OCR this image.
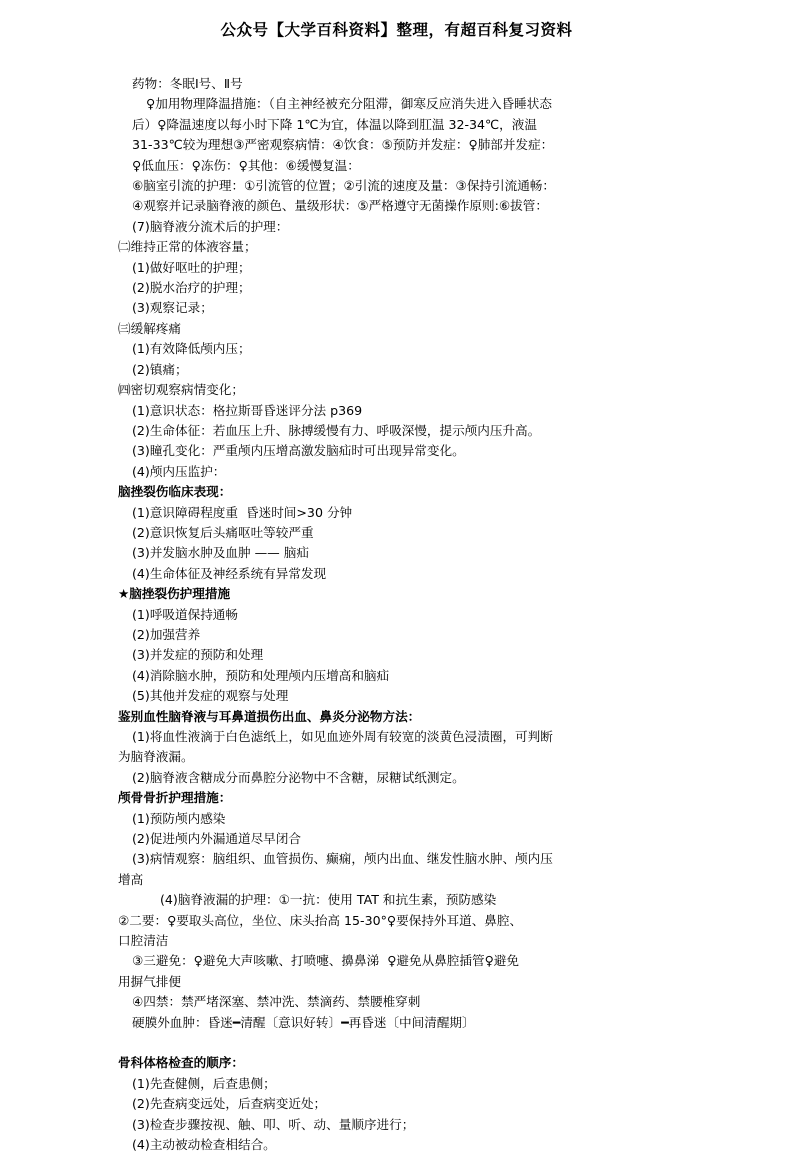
公众号【大学百科资料】整理，有超百科复习资料
药物：冬眠Ⅰ号、Ⅱ号
♀加用物理降温措施：（自主神经被充分阻滞，御寒反应消失进入昏睡状态
后）♀降温速度以每小时下降 1℃为宜，体温以降到肛温 32-34℃，液温
31-33℃较为理想③严密观察病情：④饮食：⑤预防并发症：♀肺部并发症：
♀低血压：♀冻伤：♀其他：⑥缓慢复温：
⑥脑室引流的护理：①引流管的位置；②引流的速度及量：③保持引流通畅：
④观察并记录脑脊液的颜色、量级形状：⑤严格遵守无菌操作原则:⑥拔管：
(7)脑脊液分流术后的护理：
㈡维持正常的体液容量；
(1)做好呕吐的护理；
(2)脱水治疗的护理；
(3)观察记录；
㈢缓解疼痛
(1)有效降低颅内压；
(2)镇痛；
㈣密切观察病情变化；
(1)意识状态：格拉斯哥昏迷评分法 p369
(2)生命体征：若血压上升、脉搏缓慢有力、呼吸深慢，提示颅内压升高。
(3)瞳孔变化：严重颅内压增高激发脑疝时可出现异常变化。
(4)颅内压监护：
脑挫裂伤临床表现：
(1)意识障碍程度重  昏迷时间>30 分钟
(2)意识恢复后头痛呕吐等较严重
(3)并发脑水肿及血肿 —— 脑疝
(4)生命体征及神经系统有异常发现
★脑挫裂伤护理措施
(1)呼吸道保持通畅
(2)加强营养
(3)并发症的预防和处理
(4)消除脑水肿，预防和处理颅内压增高和脑疝
(5)其他并发症的观察与处理
鉴别血性脑脊液与耳鼻道损伤出血、鼻炎分泌物方法：
(1)将血性液滴于白色滤纸上，如见血迹外周有较宽的淡黄色浸渍圈，可判断
为脑脊液漏。
(2)脑脊液含糖成分而鼻腔分泌物中不含糖，尿糖试纸测定。
颅骨骨折护理措施：
(1)预防颅内感染
(2)促进颅内外漏通道尽早闭合
(3)病情观察：脑组织、血管损伤、癫痫，颅内出血、继发性脑水肿、颅内压
增高
(4)脑脊液漏的护理：①一抗：使用 TAT 和抗生素，预防感染
②二要：♀要取头高位，坐位、床头抬高 15-30°♀要保持外耳道、鼻腔、
口腔清洁
③三避免：♀避免大声咳嗽、打喷嚏、擤鼻涕  ♀避免从鼻腔插管♀避免
用摒气排便
④四禁：禁严堵深塞、禁冲洗、禁滴药、禁腰椎穿刺
硬膜外血肿：昏迷━清醒〔意识好转〕━再昏迷〔中间清醒期〕
骨科体格检查的顺序：
(1)先查健侧，后查患侧；
(2)先查病变远处，后查病变近处；
(3)检查步骤按视、触、叩、听、动、量顺序进行；
(4)主动被动检查相结合。
